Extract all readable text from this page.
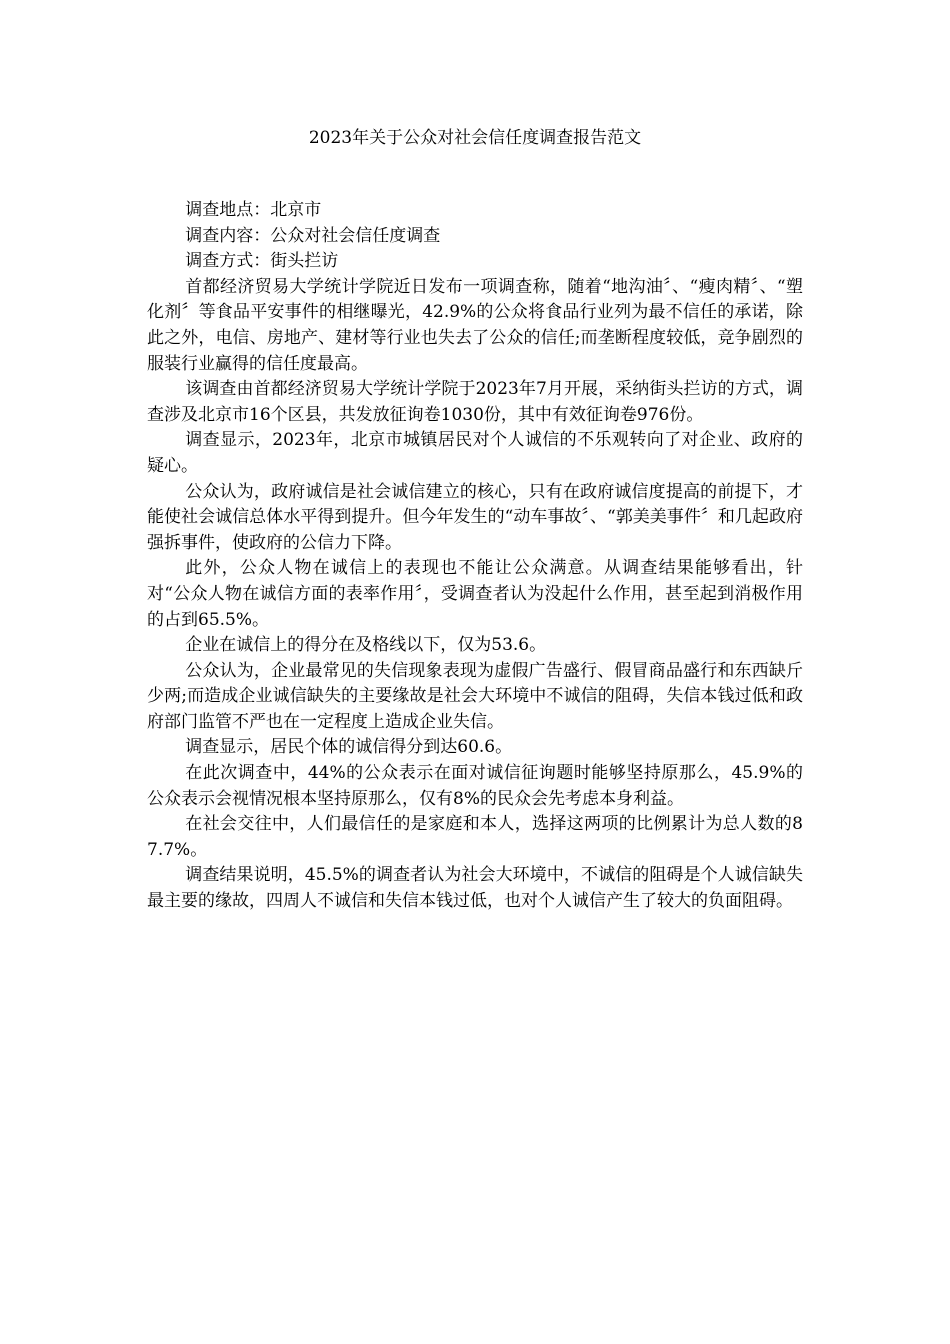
2023年关于公众对社会信任度调查报告范文

调查地点：北京市

调查内容：公众对社会信任度调查

调查方式：街头拦访

首都经济贸易大学统计学院近日发布一项调查称，随着“地沟油〞、“瘦肉精〞、“塑化剂〞等食品平安事件的相继曝光，42.9%的公众将食品行业列为最不信任的承诺，除此之外，电信、房地产、建材等行业也失去了公众的信任;而垄断程度较低，竞争剧烈的服装行业赢得的信任度最高。

该调查由首都经济贸易大学统计学院于2023年7月开展，采纳街头拦访的方式，调查涉及北京市16个区县，共发放征询卷1030份，其中有效征询卷976份。

调查显示，2023年，北京市城镇居民对个人诚信的不乐观转向了对企业、政府的疑心。

公众认为，政府诚信是社会诚信建立的核心，只有在政府诚信度提高的前提下，才能使社会诚信总体水平得到提升。但今年发生的“动车事故〞、“郭美美事件〞和几起政府强拆事件，使政府的公信力下降。

此外，公众人物在诚信上的表现也不能让公众满意。从调查结果能够看出，针对“公众人物在诚信方面的表率作用〞，受调查者认为没起什么作用，甚至起到消极作用的占到65.5%。

企业在诚信上的得分在及格线以下，仅为53.6。

公众认为，企业最常见的失信现象表现为虚假广告盛行、假冒商品盛行和东西缺斤少两;而造成企业诚信缺失的主要缘故是社会大环境中不诚信的阻碍，失信本钱过低和政府部门监管不严也在一定程度上造成企业失信。

调查显示，居民个体的诚信得分到达60.6。

在此次调查中，44%的公众表示在面对诚信征询题时能够坚持原那么，45.9%的公众表示会视情况根本坚持原那么，仅有8%的民众会先考虑本身利益。

在社会交往中，人们最信任的是家庭和本人，选择这两项的比例累计为总人数的87.7%。

调查结果说明，45.5%的调查者认为社会大环境中，不诚信的阻碍是个人诚信缺失最主要的缘故，四周人不诚信和失信本钱过低，也对个人诚信产生了较大的负面阻碍。
